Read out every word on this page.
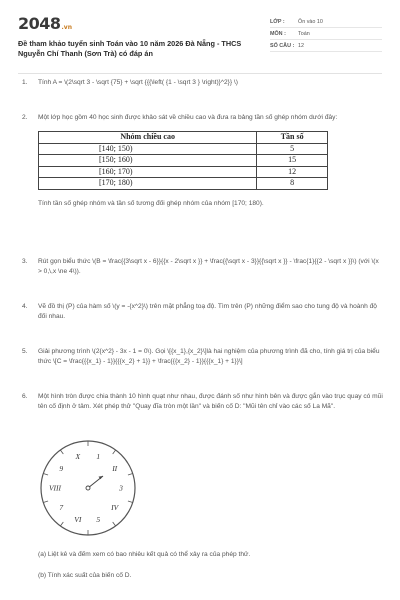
2048 .vn
Đề tham khảo tuyển sinh Toán vào 10 năm 2026 Đà Nẵng - THCS Nguyễn Chí Thanh (Sơn Trà) có đáp án
LỚP :	Ôn vào 10
MÔN :	Toán
SỐ CÂU : 12
1. Tính A = \(2\sqrt 3 - \sqrt {75} + \sqrt {{{\left( {1 - \sqrt 3 } \right)}^2}} \)
2. Một lớp học gồm 40 học sinh được khảo sát về chiều cao và đưa ra bảng tần số ghép nhóm dưới đây:
Nhóm chiều cao	Tần số
[140; 150)	5
[150; 160)	15
[160; 170)	12
[170; 180)	8
Tính tần số ghép nhóm và tần số tương đối ghép nhóm của nhóm [170; 180).
3. Rút gọn biểu thức \(B = \frac{{3\sqrt x - 6}}{{x - 2\sqrt x }} + \frac{{\sqrt x - 3}}{{\sqrt x }} - \frac{1}{{2 - \sqrt x }}\) (với \(x > 0,\,x \ne 4\)).
4. Vẽ đồ thị (P) của hàm số \(y = -{x^2}\) trên mặt phẳng toạ độ. Tìm trên (P) những điểm sao cho tung độ và hoành độ đối nhau.
5. Giải phương trình \(2{x^2} - 3x - 1 = 0\). Gọi \[{x_1},{x_2}\]là hai nghiệm của phương trình đã cho, tính giá trị của biểu thức \[C = \frac{{{x_1} - 1}}{{{x_2} + 1}} + \frac{{{x_2} - 1}}{{{x_1} + 1}}\]
6. Một hình tròn được chia thành 10 hình quạt như nhau, được đánh số như hình bên và được gắn vào trục quay có mũi tên cố định ở tâm. Xét phép thử "Quay đĩa tròn một lần" và biến cố D: "Mũi tên chỉ vào các số La Mã".
1
II
3
IV
5
VI
7
VIII
9
X
(a) Liệt kê và đếm xem có bao nhiêu kết quả có thể xảy ra của phép thử.
(b) Tính xác suất của biến cố D.
